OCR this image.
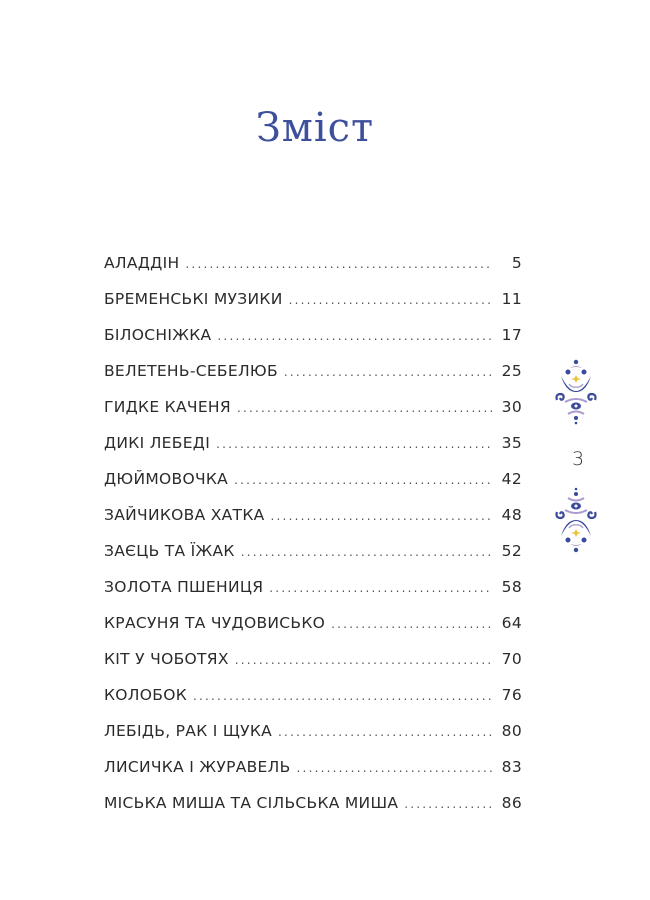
Зміст
АЛАДДІН .....	5
БРЕМЕНСЬКІ МУЗИКИ .....	11
БІЛОСНІЖКА .....	17
ВЕЛЕТЕНЬ-СЕБЕЛЮБ .....	25
ГИДКЕ КАЧЕНЯ .....	30
ДИКІ ЛЕБЕДІ .....	35
ДЮЙМОВОЧКА .....	42
ЗАЙЧИКОВА ХАТКА .....	48
ЗАЄЦЬ ТА ЇЖАК .....	52
ЗОЛОТА ПШЕНИЦЯ .....	58
КРАСУНЯ ТА ЧУДОВИСЬКО .....	64
КІТ У ЧОБОТЯХ .....	70
КОЛОБОК .....	76
ЛЕБІДЬ, РАК І ЩУКА .....	80
ЛИСИЧКА І ЖУРАВЕЛЬ .....	83
МІСЬКА МИША ТА СІЛЬСЬКА МИША .....	86
3
